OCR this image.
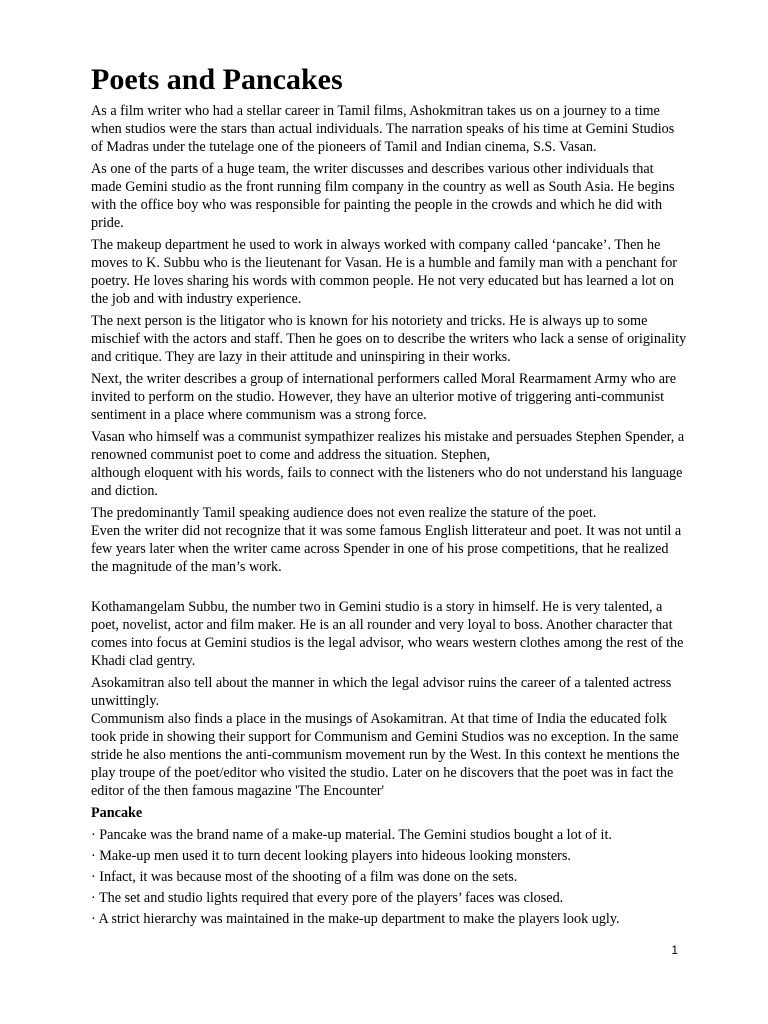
Poets and Pancakes

As a film writer who had a stellar career in Tamil films, Ashokmitran takes us on a journey to a time when studios were the stars than actual individuals. The narration speaks of his time at Gemini Studios of Madras under the tutelage one of the pioneers of Tamil and Indian cinema, S.S. Vasan.

As one of the parts of a huge team, the writer discusses and describes various other individuals that made Gemini studio as the front running film company in the country as well as South Asia. He begins with the office boy who was responsible for painting the people in the crowds and which he did with pride.

The makeup department he used to work in always worked with company called ‘pancake’. Then he moves to K. Subbu who is the lieutenant for Vasan. He is a humble and family man with a penchant for poetry. He loves sharing his words with common people. He not very educated but has learned a lot on the job and with industry experience.

The next person is the litigator who is known for his notoriety and tricks. He is always up to some mischief with the actors and staff. Then he goes on to describe the writers who lack a sense of originality and critique. They are lazy in their attitude and uninspiring in their works.

Next, the writer describes a group of international performers called Moral Rearmament Army who are invited to perform on the studio. However, they have an ulterior motive of triggering anti-communist sentiment in a place where communism was a strong force.

Vasan who himself was a communist sympathizer realizes his mistake and persuades Stephen Spender, a renowned communist poet to come and address the situation. Stephen,

although eloquent with his words, fails to connect with the listeners who do not understand his language and diction.

The predominantly Tamil speaking audience does not even realize the stature of the poet.

Even the writer did not recognize that it was some famous English litterateur and poet. It was not until a few years later when the writer came across Spender in one of his prose competitions, that he realized the magnitude of the man’s work.

Kothamangelam Subbu, the number two in Gemini studio is a story in himself. He is very talented, a poet, novelist, actor and film maker. He is an all rounder and very loyal to boss. Another character that comes into focus at Gemini studios is the legal advisor, who wears western clothes among the rest of the Khadi clad gentry.

Asokamitran also tell about the manner in which the legal advisor ruins the career of a talented actress unwittingly.

Communism also finds a place in the musings of Asokamitran. At that time of India the educated folk took pride in showing their support for Communism and Gemini Studios was no exception. In the same stride he also mentions the anti-communism movement run by the West. In this context he mentions the play troupe of the poet/editor who visited the studio. Later on he discovers that the poet was in fact the editor of the then famous magazine 'The Encounter'

Pancake

· Pancake was the brand name of a make-up material. The Gemini studios bought a lot of it.

· Make-up men used it to turn decent looking players into hideous looking monsters.

· Infact, it was because most of the shooting of a film was done on the sets.

· The set and studio lights required that every pore of the players’ faces was closed.

· A strict hierarchy was maintained in the make-up department to make the players look ugly.

1
